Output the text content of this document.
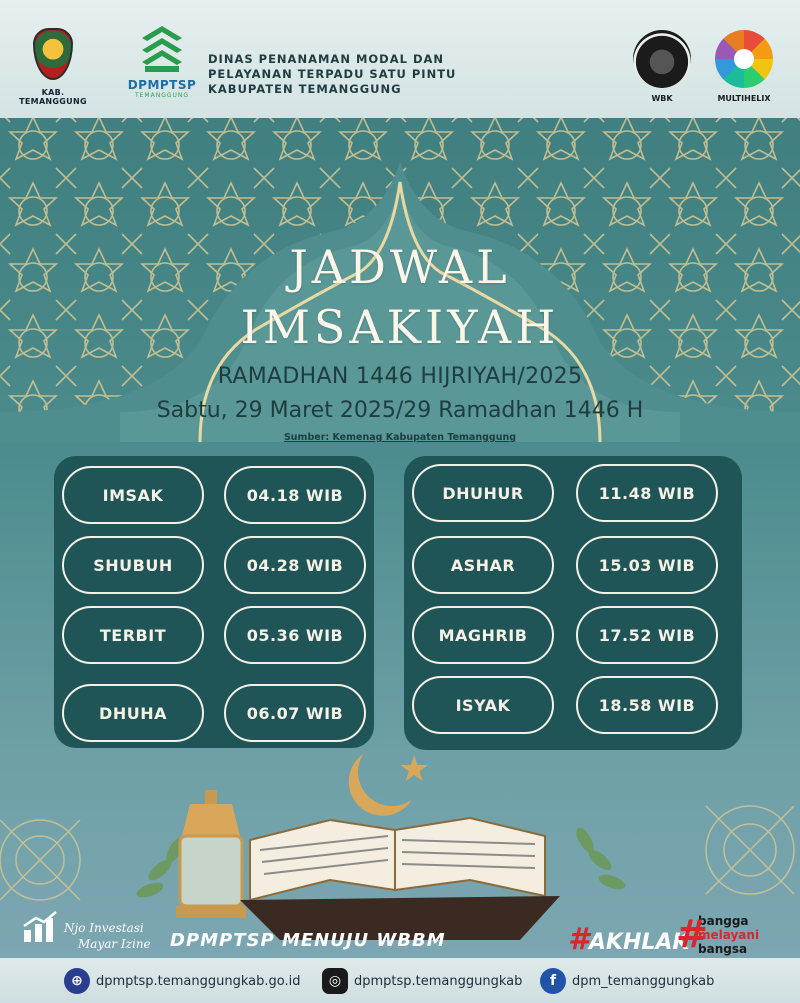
KAB. TEMANGGUNG
DPMPTSP
TEMANGGUNG
DINAS PENANAMAN MODAL DAN
PELAYANAN TERPADU SATU PINTU
KABUPATEN TEMANGGUNG
WBK	MULTIHELIX
JADWAL
IMSAKIYAH
RAMADHAN 1446 HIJRIYAH/2025
Sabtu, 29 Maret 2025/29 Ramadhan 1446 H
Sumber: Kemenag Kabupaten Temanggung
IMSAK	04.18 WIB
SHUBUH	04.28 WIB
TERBIT	05.36 WIB
DHUHA	06.07 WIB
DHUHUR	11.48 WIB
ASHAR	15.03 WIB
MAGHRIB	17.52 WIB
ISYAK	18.58 WIB
★
Njo Investasi
Mayar Izine DPMPTSP MENUJU WBBM	#AKHLAK
#
bangga
melayani
bangsa
⊕	dpmptsp.temanggungkab.go.id	◎ dpmptsp.temanggungkab	f	dpm_temanggungkab
